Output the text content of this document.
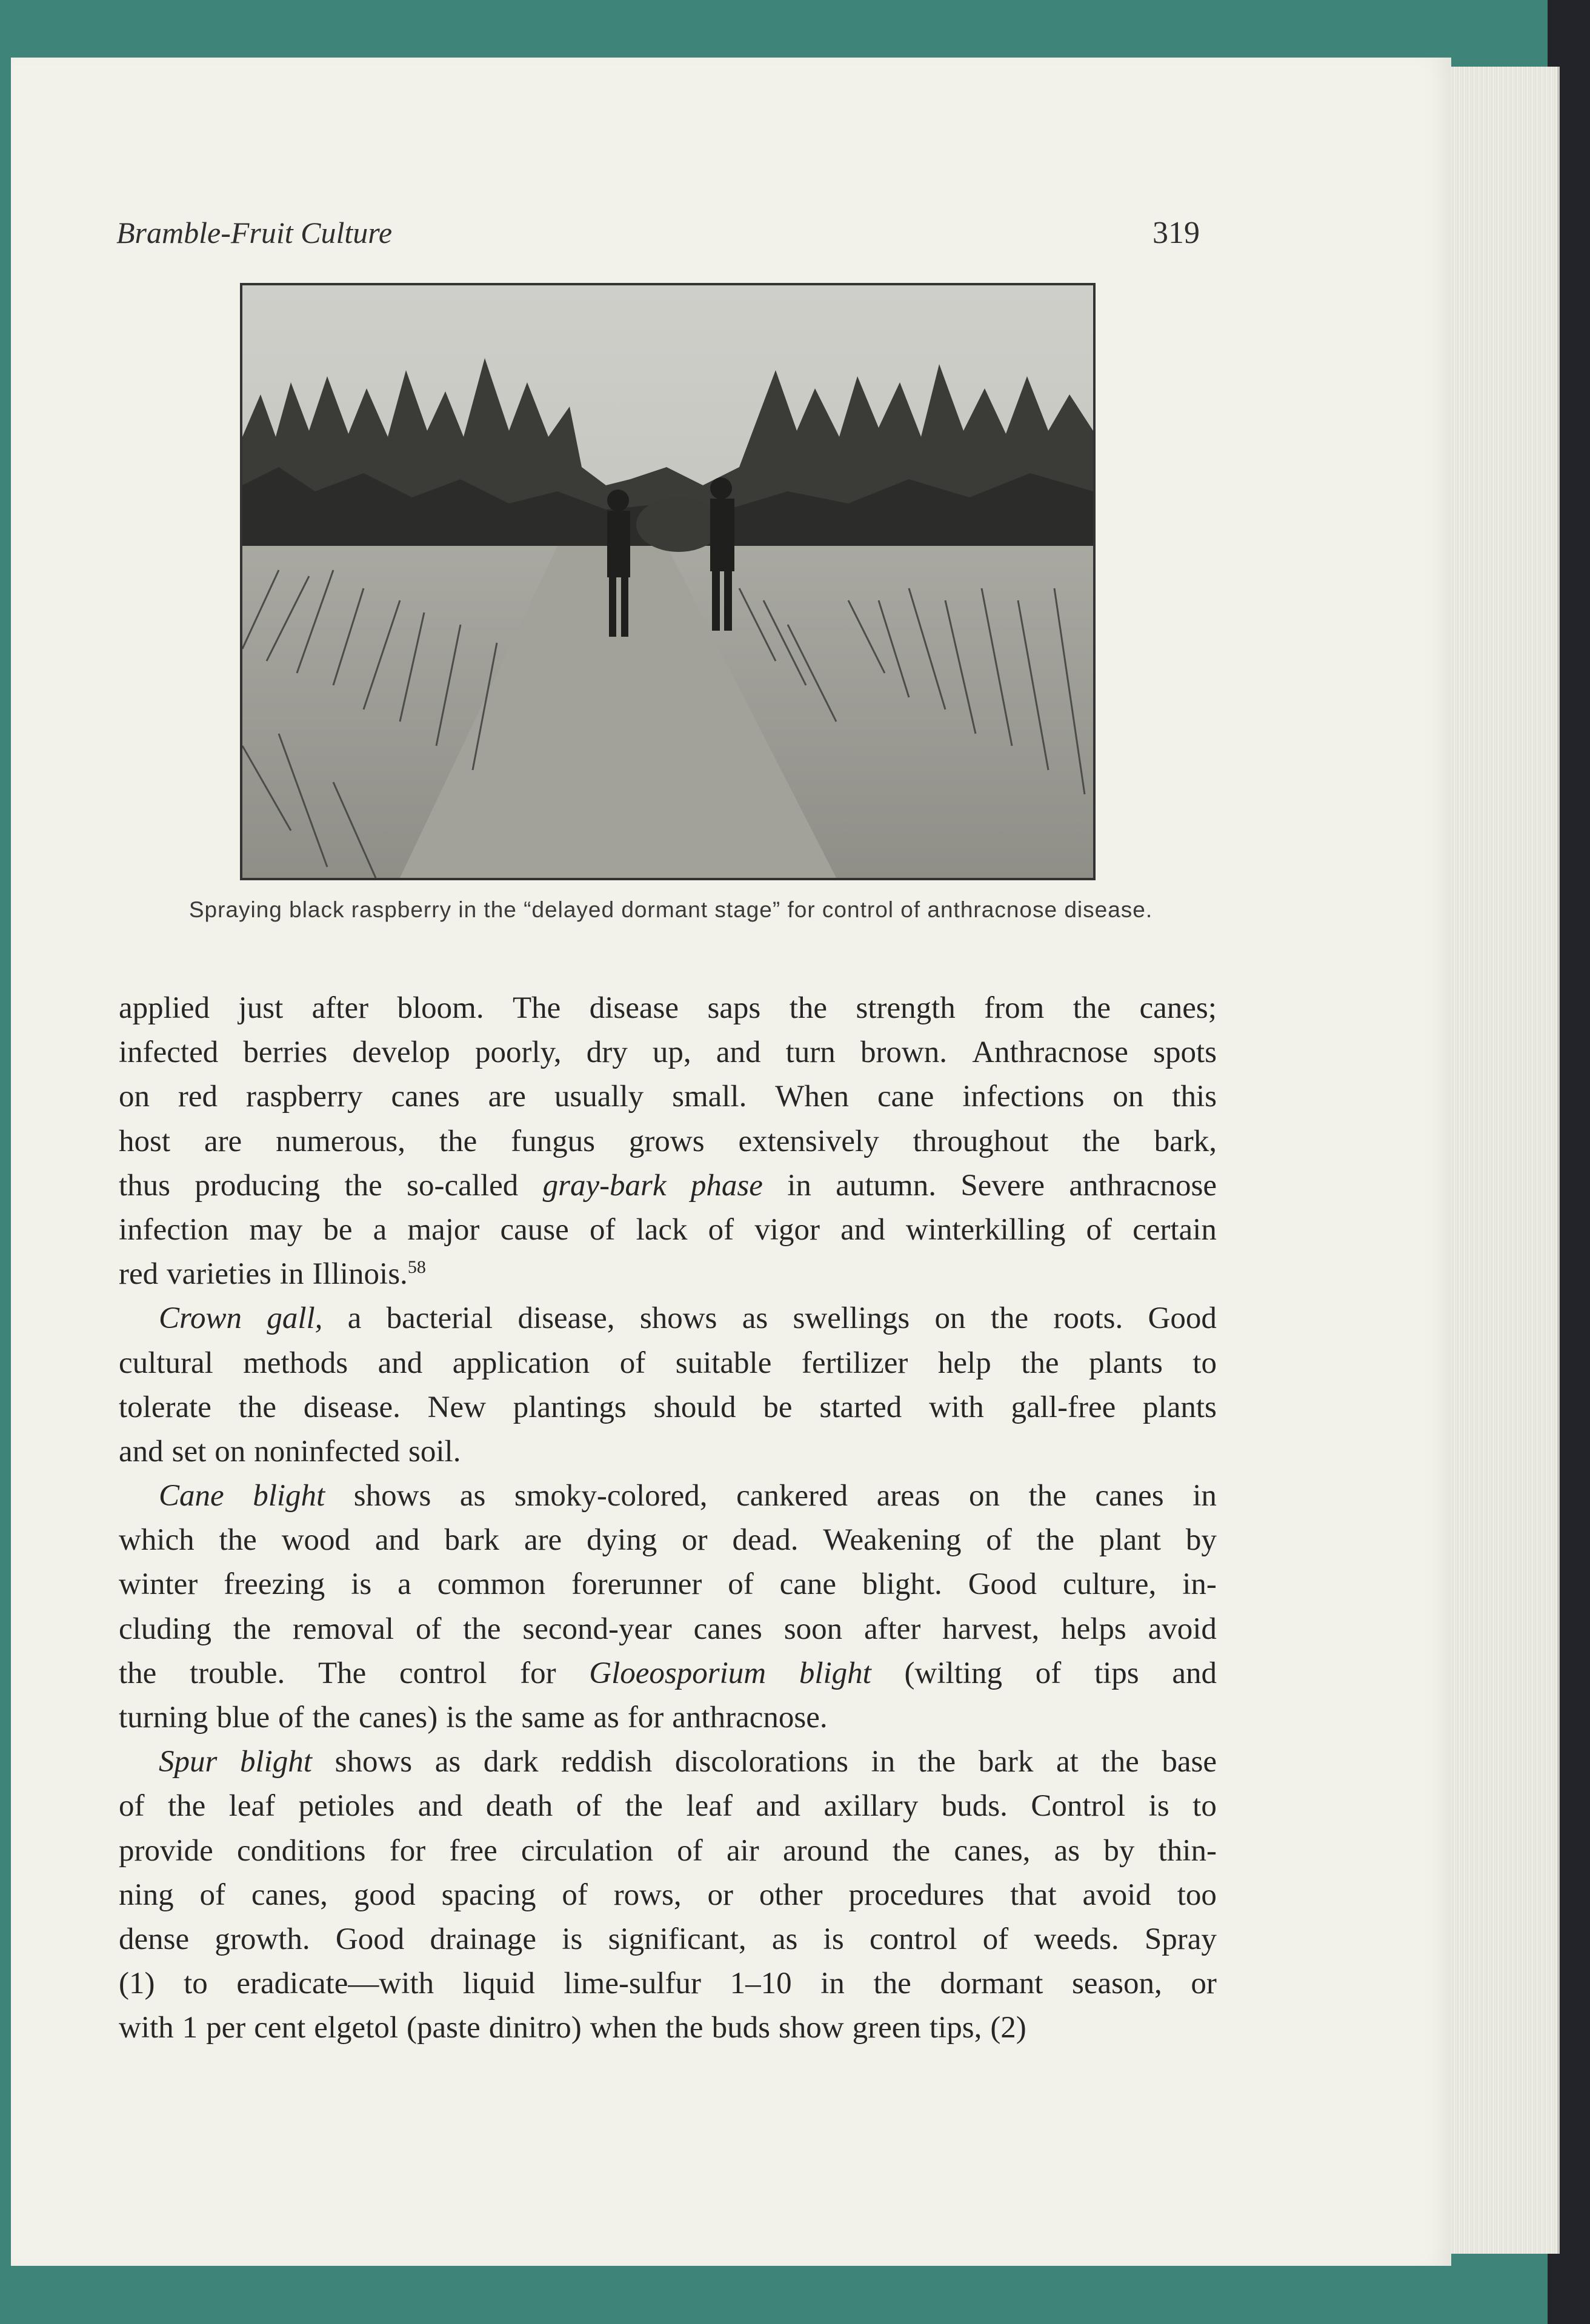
Bramble-Fruit Culture	319
Spraying black raspberry in the “delayed dormant stage” for control of anthracnose disease.
applied just after bloom. The disease saps the strength from the canes;
infected berries develop poorly, dry up, and turn brown. Anthracnose spots
on red raspberry canes are usually small. When cane infections on this
host are numerous, the fungus grows extensively throughout the bark,
thus producing the so-called gray-bark phase in autumn. Severe anthracnose
infection may be a major cause of lack of vigor and winterkilling of certain
red varieties in Illinois.$^{58}$
Crown gall, a bacterial disease, shows as swellings on the roots. Good
cultural methods and application of suitable fertilizer help the plants to
tolerate the disease. New plantings should be started with gall-free plants
and set on noninfected soil.
Cane blight shows as smoky-colored, cankered areas on the canes in
which the wood and bark are dying or dead. Weakening of the plant by
winter freezing is a common forerunner of cane blight. Good culture, in-
cluding the removal of the second-year canes soon after harvest, helps avoid
the trouble. The control for Gloeosporium blight (wilting of tips and
turning blue of the canes) is the same as for anthracnose.
Spur blight shows as dark reddish discolorations in the bark at the base
of the leaf petioles and death of the leaf and axillary buds. Control is to
provide conditions for free circulation of air around the canes, as by thin-
ning of canes, good spacing of rows, or other procedures that avoid too
dense growth. Good drainage is significant, as is control of weeds. Spray
(1) to eradicate—with liquid lime-sulfur 1–10 in the dormant season, or
with 1 per cent elgetol (paste dinitro) when the buds show green tips, (2)
